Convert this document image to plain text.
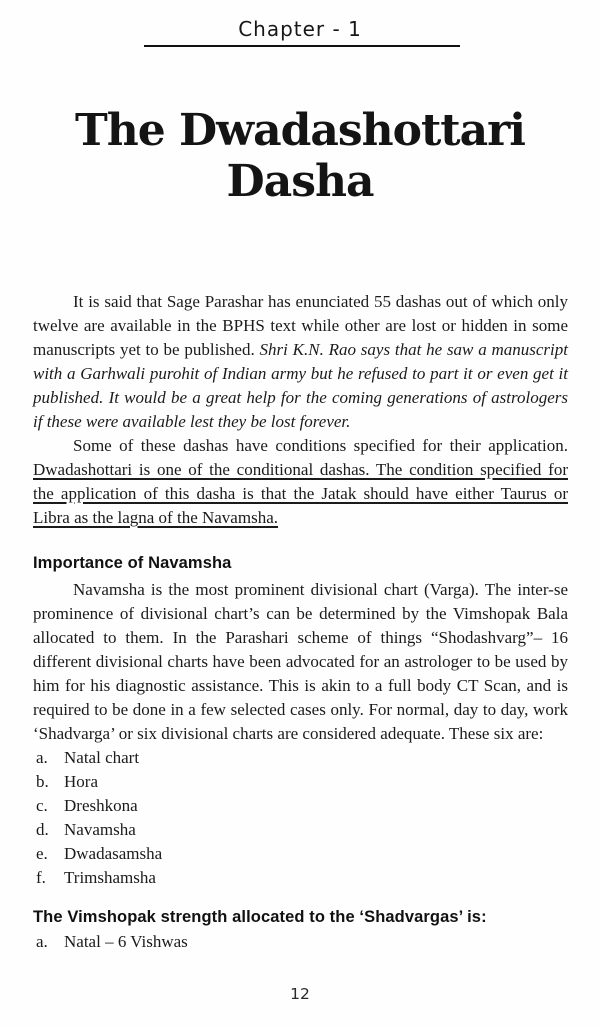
Chapter - 1
The Dwadashottari Dasha

It is said that Sage Parashar has enunciated 55 dashas out of which only twelve are available in the BPHS text while other are lost or hidden in some manuscripts yet to be published. Shri K.N. Rao says that he saw a manuscript with a Garhwali purohit of Indian army but he refused to part it or even get it published. It would be a great help for the coming generations of astrologers if these were available lest they be lost forever.

Some of these dashas have conditions specified for their application. Dwadashottari is one of the conditional dashas. The condition specified for the application of this dasha is that the Jatak should have either Taurus or Libra as the lagna of the Navamsha.

Importance of Navamsha

Navamsha is the most prominent divisional chart (Varga). The inter-se prominence of divisional chart’s can be determined by the Vimshopak Bala allocated to them. In the Parashari scheme of things “Shodashvarg”– 16 different divisional charts have been advocated for an astrologer to be used by him for his diagnostic assistance. This is akin to a full body CT Scan, and is required to be done in a few selected cases only. For normal, day to day, work ‘Shadvarga’ or six divisional charts are considered adequate. These six are:

a. Natal chart
b. Hora
c. Dreshkona
d. Navamsha
e. Dwadasamsha
f.	Trimshamsha
The Vimshopak strength allocated to the ‘Shadvargas’ is:
a. Natal – 6 Vishwas
12
